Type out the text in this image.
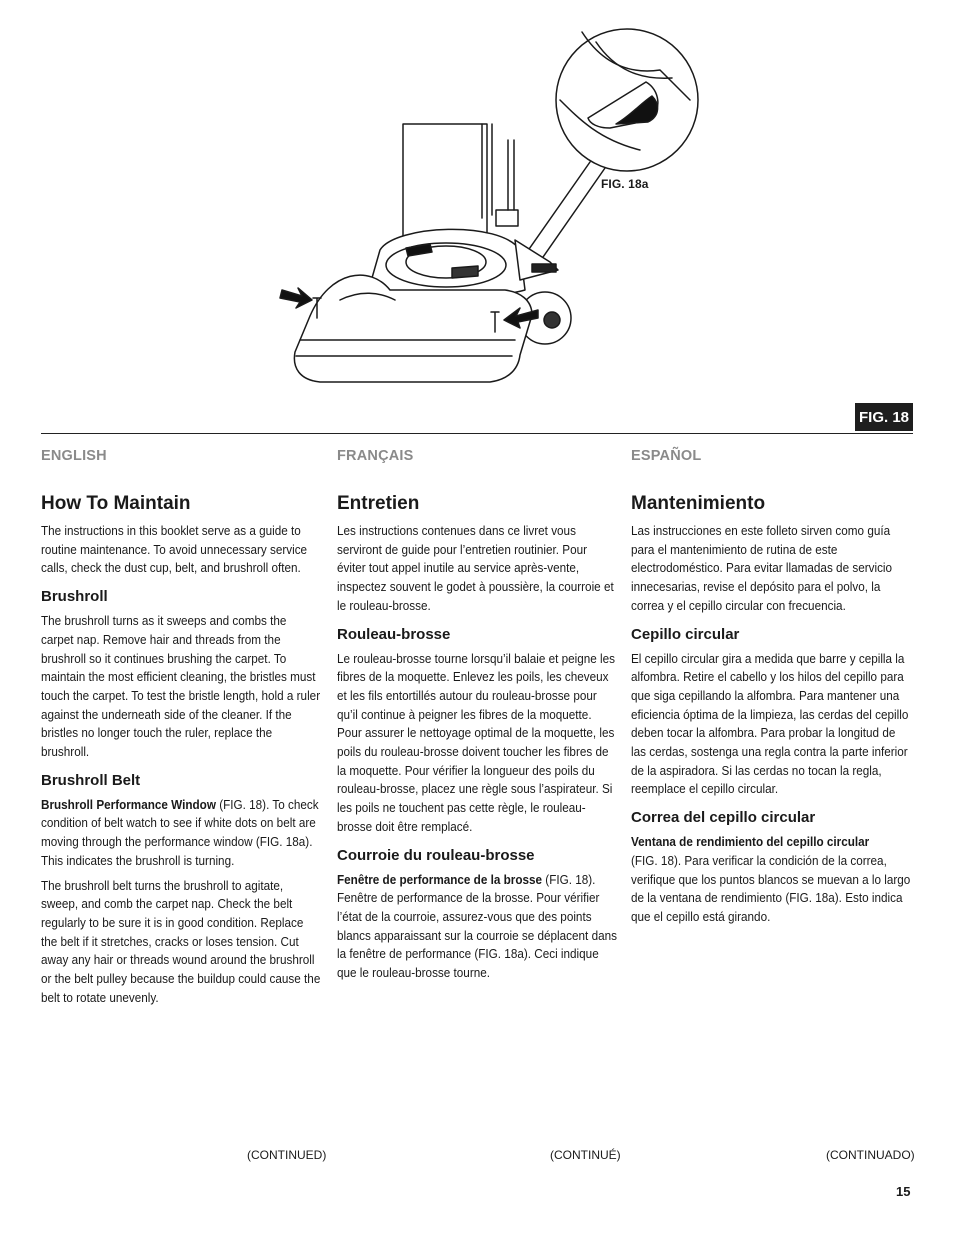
FIG. 18a
FIG. 18
ENGLISH
How To Maintain

The instructions in this booklet serve as a guide to routine maintenance. To avoid unnecessary service calls, check the dust cup, belt, and brushroll often.

Brushroll

The brushroll turns as it sweeps and combs the carpet nap. Remove hair and threads from the brushroll so it continues brushing the carpet. To maintain the most efficient cleaning, the bristles must touch the carpet. To test the bristle length, hold a ruler against the underneath side of the cleaner. If the bristles no longer touch the ruler, replace the brushroll.

Brushroll Belt

Brushroll Performance Window (FIG. 18). To check condition of belt watch to see if white dots on belt are moving through the performance window (FIG. 18a). This indicates the brushroll is turning.

The brushroll belt turns the brushroll to agitate, sweep, and comb the carpet nap. Check the belt regularly to be sure it is in good condition. Replace the belt if it stretches, cracks or loses tension. Cut away any hair or threads wound around the brushroll or the belt pulley because the buildup could cause the belt to rotate unevenly.

FRANÇAIS
Entretien

Les instructions contenues dans ce livret vous serviront de guide pour l’entretien routinier. Pour éviter tout appel inutile au service après-vente, inspectez souvent le godet à poussière, la courroie et le rouleau-brosse.

Rouleau-brosse

Le rouleau-brosse tourne lorsqu’il balaie et peigne les fibres de la moquette. Enlevez les poils, les cheveux et les fils entortillés autour du rouleau-brosse pour qu’il continue à peigner les fibres de la moquette. Pour assurer le nettoyage optimal de la moquette, les poils du rouleau-brosse doivent toucher les fibres de la moquette. Pour vérifier la longueur des poils du rouleau-brosse, placez une règle sous l’aspirateur. Si les poils ne touchent pas cette règle, le rouleau-brosse doit être remplacé.

Courroie du rouleau-brosse

Fenêtre de performance de la brosse (FIG. 18). Fenêtre de performance de la brosse. Pour vérifier l’état de la courroie, assurez-vous que des points blancs apparaissant sur la courroie se déplacent dans la fenêtre de performance (FIG. 18a). Ceci indique que le rouleau-brosse tourne.

ESPAÑOL
Mantenimiento

Las instrucciones en este folleto sirven como guía para el mantenimiento de rutina de este electrodoméstico. Para evitar llamadas de servicio innecesarias, revise el depósito para el polvo, la correa y el cepillo circular con frecuencia.

Cepillo circular

El cepillo circular gira a medida que barre y cepilla la alfombra. Retire el cabello y los hilos del cepillo para que siga cepillando la alfombra. Para mantener una eficiencia óptima de la limpieza, las cerdas del cepillo deben tocar la alfombra. Para probar la longitud de las cerdas, sostenga una regla contra la parte inferior de la aspiradora. Si las cerdas no tocan la regla, reemplace el cepillo circular.

Correa del cepillo circular

Ventana de rendimiento del cepillo circular
(FIG. 18). Para verificar la condición de la correa, verifique que los puntos blancos se muevan a lo largo de la ventana de rendimiento (FIG. 18a). Esto indica que el cepillo está girando.

(CONTINUED)	(CONTINUÉ)	(CONTINUADO)
15
